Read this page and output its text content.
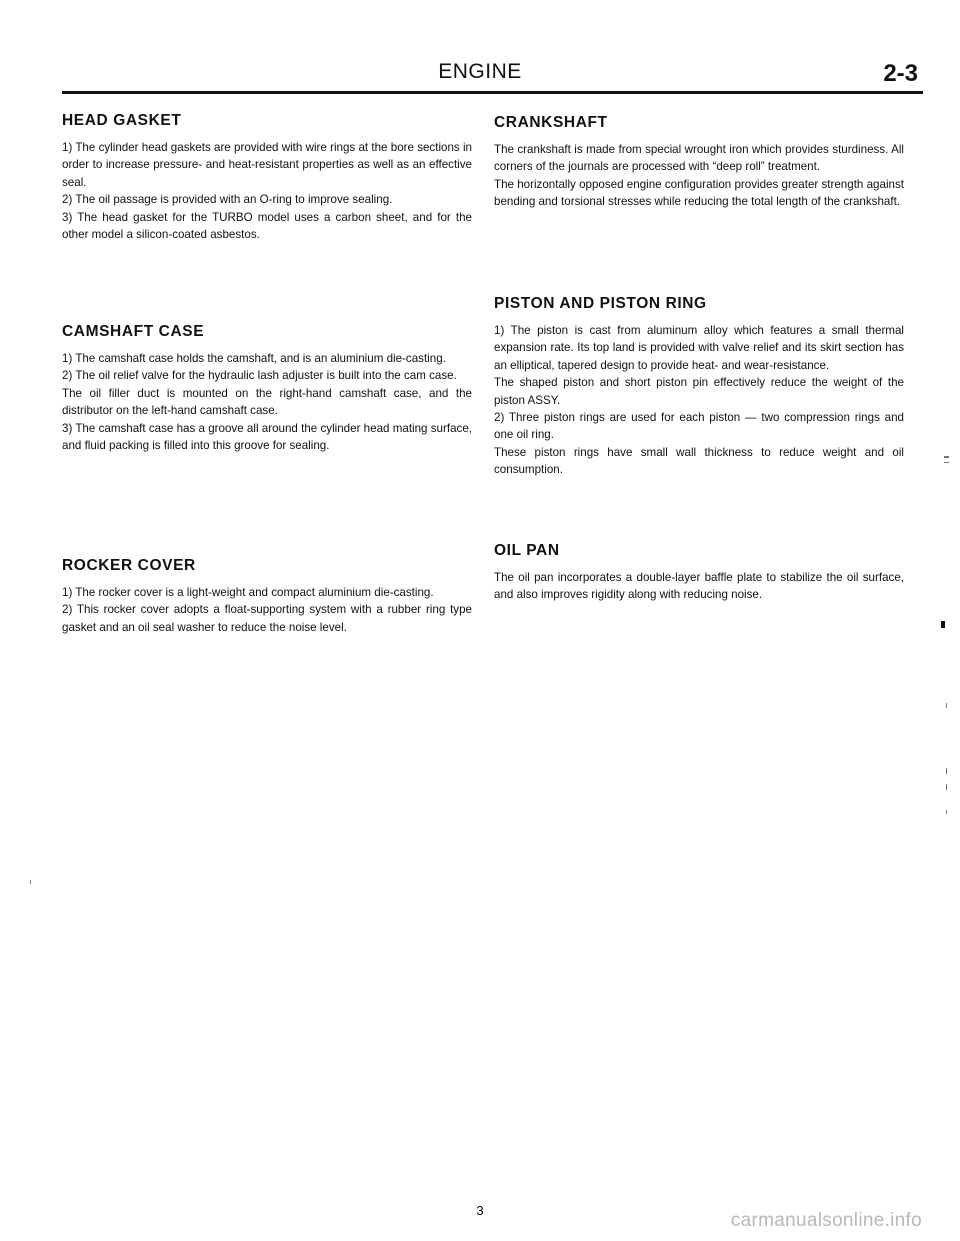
ENGINE	2-3
HEAD GASKET

1) The cylinder head gaskets are provided with wire rings at the bore sections in order to increase pressure- and heat-resistant properties as well as an effective seal.

2) The oil passage is provided with an O-ring to improve sealing.

3) The head gasket for the TURBO model uses a carbon sheet, and for the other model a silicon-coated asbestos.

CAMSHAFT CASE

1) The camshaft case holds the camshaft, and is an aluminium die-casting.

2) The oil relief valve for the hydraulic lash adjuster is built into the cam case.

The oil filler duct is mounted on the right-hand camshaft case, and the distributor on the left-hand camshaft case.

3) The camshaft case has a groove all around the cylinder head mating surface, and fluid packing is filled into this groove for sealing.

ROCKER COVER

1) The rocker cover is a light-weight and compact aluminium die-casting.

2) This rocker cover adopts a float-supporting system with a rubber ring type gasket and an oil seal washer to reduce the noise level.

CRANKSHAFT

The crankshaft is made from special wrought iron which provides sturdiness. All corners of the journals are processed with “deep roll” treatment.

The horizontally opposed engine configuration provides greater strength against bending and torsional stresses while reducing the total length of the crankshaft.

PISTON AND PISTON RING

1) The piston is cast from aluminum alloy which features a small thermal expansion rate. Its top land is provided with valve relief and its skirt section has an elliptical, tapered design to provide heat- and wear-resistance.

The shaped piston and short piston pin effectively reduce the weight of the piston ASSY.

2) Three piston rings are used for each piston — two compression rings and one oil ring.

These piston rings have small wall thickness to reduce weight and oil consumption.

OIL PAN

The oil pan incorporates a double-layer baffle plate to stabilize the oil surface, and also improves rigidity along with reducing noise.

3	carmanualsonline.info
